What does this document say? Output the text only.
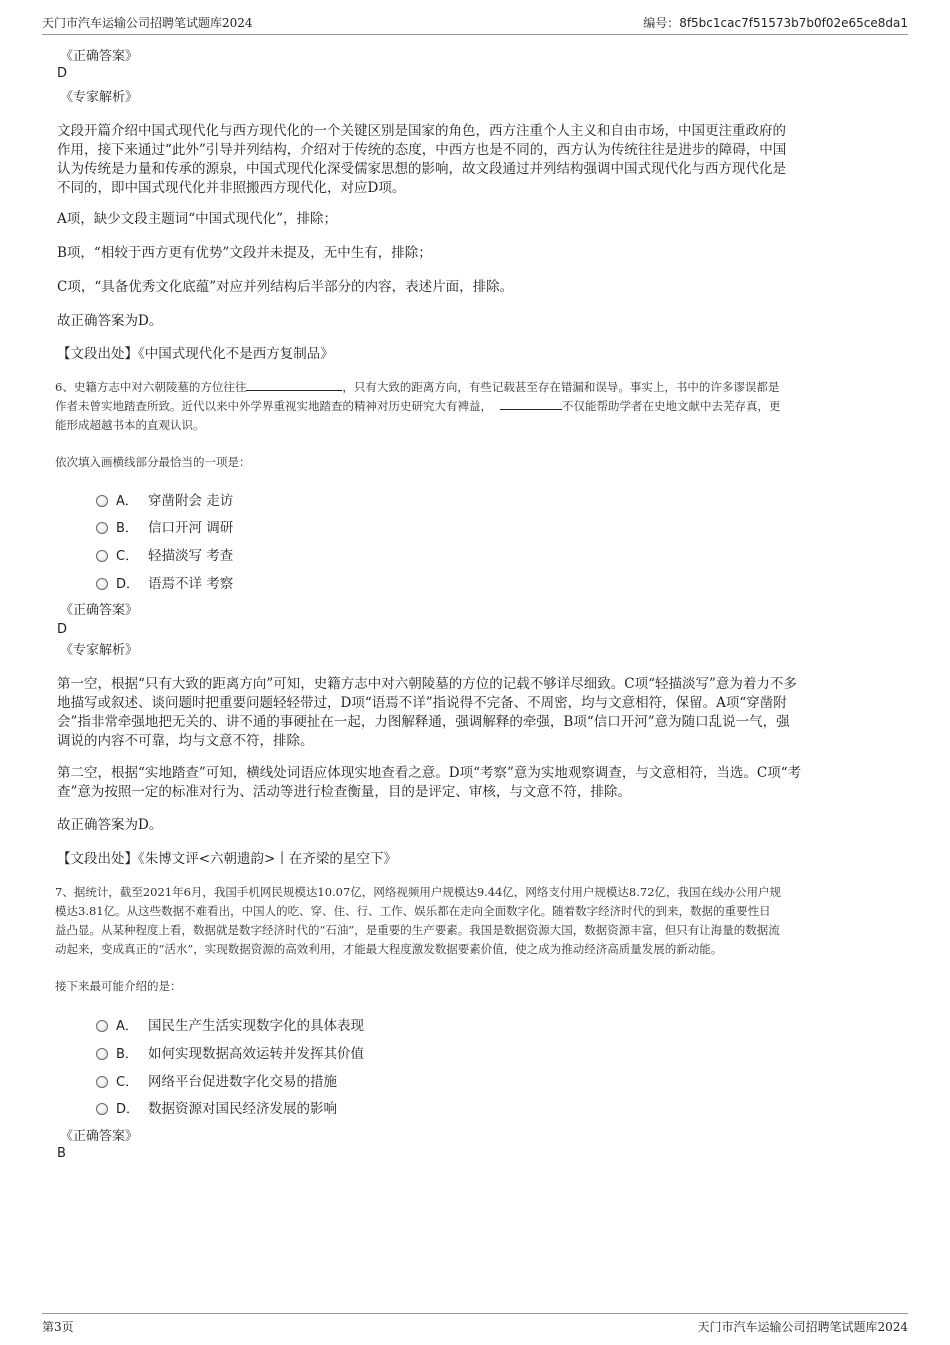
天门市汽车运输公司招聘笔试题库2024	编号：8f5bc1cac7f51573b7b0f02e65ce8da1
《正确答案》
D
《专家解析》
文段开篇介绍中国式现代化与西方现代化的一个关键区别是国家的角色，西方注重个人主义和自由市场，中国更注重政府的
作用，接下来通过“此外”引导并列结构，介绍对于传统的态度，中西方也是不同的，西方认为传统往往是进步的障碍，中国
认为传统是力量和传承的源泉，中国式现代化深受儒家思想的影响，故文段通过并列结构强调中国式现代化与西方现代化是
不同的，即中国式现代化并非照搬西方现代化，对应D项。
A项，缺少文段主题词“中国式现代化”，排除；
B项，“相较于西方更有优势”文段并未提及，无中生有，排除；
C项，“具备优秀文化底蕴”对应并列结构后半部分的内容，表述片面，排除。
故正确答案为D。
【文段出处】《中国式现代化不是西方复制品》
6、史籍方志中对六朝陵墓的方位往往	，只有大致的距离方向，有些记载甚至存在错漏和误导。事实上，书中的许多谬误都是
作者未曾实地踏查所致。近代以来中外学界重视实地踏查的精神对历史研究大有裨益，	不仅能帮助学者在史地文献中去芜存真，更
能形成超越书本的直观认识。
依次填入画横线部分最恰当的一项是：
A． 穿凿附会 走访
B． 信口开河 调研
C． 轻描淡写 考查
D． 语焉不详 考察
《正确答案》
D
《专家解析》
第一空，根据“只有大致的距离方向”可知，史籍方志中对六朝陵墓的方位的记载不够详尽细致。C项“轻描淡写”意为着力不多
地描写或叙述、谈问题时把重要问题轻轻带过，D项“语焉不详”指说得不完备、不周密，均与文意相符，保留。A项“穿凿附
会”指非常牵强地把无关的、讲不通的事硬扯在一起，力图解释通，强调解释的牵强，B项“信口开河”意为随口乱说一气，强
调说的内容不可靠，均与文意不符，排除。
第二空，根据“实地踏查”可知，横线处词语应体现实地查看之意。D项“考察”意为实地观察调查，与文意相符，当选。C项“考
查”意为按照一定的标准对行为、活动等进行检查衡量，目的是评定、审核，与文意不符，排除。
故正确答案为D。
【文段出处】《朱博文评<六朝遗韵>丨在齐梁的星空下》
7、据统计，截至2021年6月，我国手机网民规模达10.07亿，网络视频用户规模达9.44亿，网络支付用户规模达8.72亿，我国在线办公用户规
模达3.81亿。从这些数据不难看出，中国人的吃、穿、住、行、工作、娱乐都在走向全面数字化。随着数字经济时代的到来，数据的重要性日
益凸显。从某种程度上看，数据就是数字经济时代的“石油”，是重要的生产要素。我国是数据资源大国，数据资源丰富，但只有让海量的数据流
动起来，变成真正的“活水”，实现数据资源的高效利用，才能最大程度激发数据要素价值，使之成为推动经济高质量发展的新动能。
接下来最可能介绍的是：
A． 国民生产生活实现数字化的具体表现
B． 如何实现数据高效运转并发挥其价值
C． 网络平台促进数字化交易的措施
D． 数据资源对国民经济发展的影响
《正确答案》
B
第3页	天门市汽车运输公司招聘笔试题库2024
